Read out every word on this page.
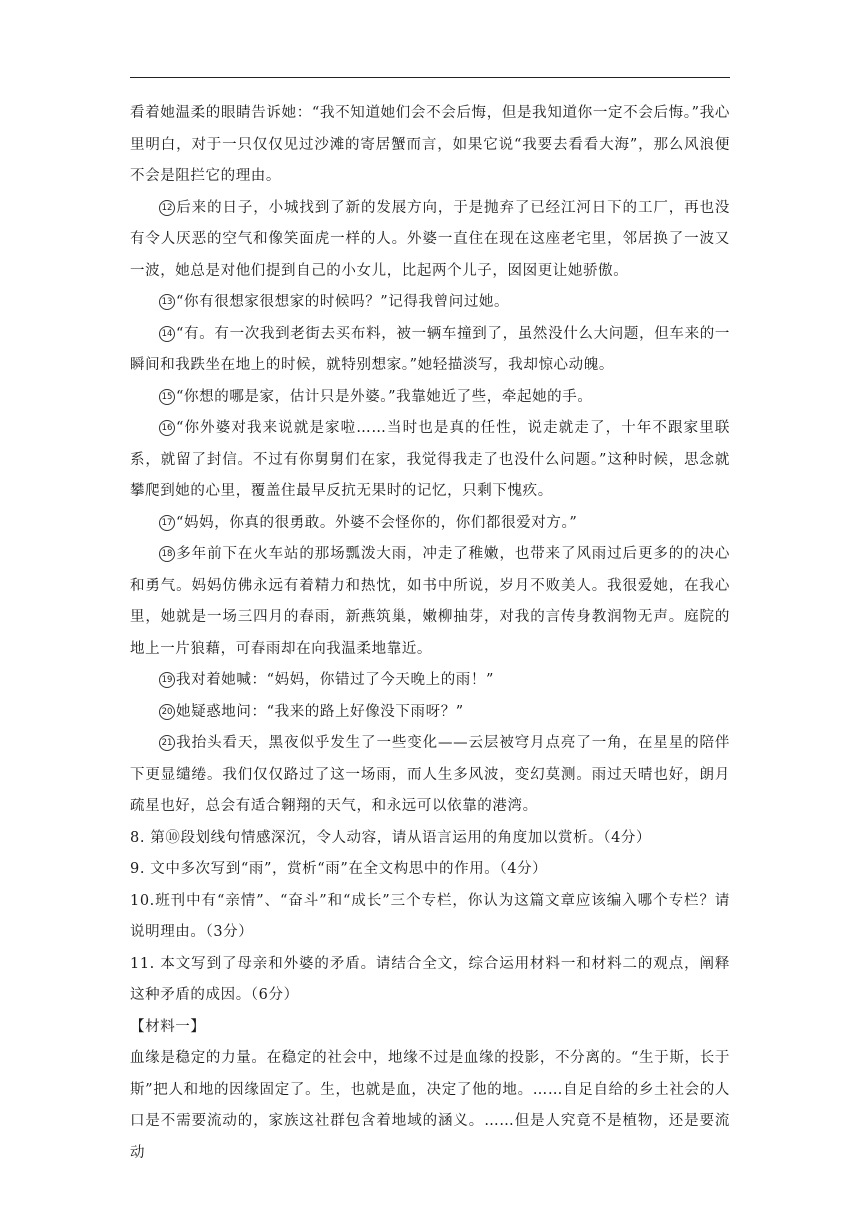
看着她温柔的眼睛告诉她：“我不知道她们会不会后悔，但是我知道你一定不会后悔。”我心里明白，对于一只仅仅见过沙滩的寄居蟹而言，如果它说“我要去看看大海”，那么风浪便不会是阻拦它的理由。

12 后来的日子，小城找到了新的发展方向，于是抛弃了已经江河日下的工厂，再也没有令人厌恶的空气和像笑面虎一样的人。外婆一直住在现在这座老宅里，邻居换了一波又一波，她总是对他们提到自己的小女儿，比起两个儿子，囡囡更让她骄傲。

13 “你有很想家很想家的时候吗？”记得我曾问过她。

14 “有。有一次我到老街去买布料，被一辆车撞到了，虽然没什么大问题，但车来的一瞬间和我跌坐在地上的时候，就特别想家。”她轻描淡写，我却惊心动魄。

15 “你想的哪是家，估计只是外婆。”我靠她近了些，牵起她的手。

16 “你外婆对我来说就是家啦……当时也是真的任性，说走就走了，十年不跟家里联系，就留了封信。不过有你舅舅们在家，我觉得我走了也没什么问题。”这种时候，思念就攀爬到她的心里，覆盖住最早反抗无果时的记忆，只剩下愧疚。

17 “妈妈，你真的很勇敢。外婆不会怪你的，你们都很爱对方。”

18 多年前下在火车站的那场瓢泼大雨，冲走了稚嫩，也带来了风雨过后更多的的决心和勇气。妈妈仿佛永远有着精力和热忱，如书中所说，岁月不败美人。我很爱她，在我心里，她就是一场三四月的春雨，新燕筑巢，嫩柳抽芽，对我的言传身教润物无声。庭院的地上一片狼藉，可春雨却在向我温柔地靠近。

19 我对着她喊：“妈妈，你错过了今天晚上的雨！”

20 她疑惑地问：“我来的路上好像没下雨呀？”

21 我抬头看天，黑夜似乎发生了一些变化——云层被穹月点亮了一角，在星星的陪伴下更显缱绻。我们仅仅路过了这一场雨，而人生多风波，变幻莫测。雨过天晴也好，朗月疏星也好，总会有适合翱翔的天气，和永远可以依靠的港湾。

8. 第⑩段划线句情感深沉，令人动容，请从语言运用的角度加以赏析。（4分）

9. 文中多次写到“雨”，赏析“雨”在全文构思中的作用。（4分）

10.班刊中有“亲情”、“奋斗”和“成长”三个专栏，你认为这篇文章应该编入哪个专栏？请说明理由。（3分）

11. 本文写到了母亲和外婆的矛盾。请结合全文，综合运用材料一和材料二的观点，阐释这种矛盾的成因。（6分）

【材料一】

血缘是稳定的力量。在稳定的社会中，地缘不过是血缘的投影，不分离的。“生于斯，长于斯”把人和地的因缘固定了。生，也就是血，决定了他的地。……自足自给的乡土社会的人口是不需要流动的，家族这社群包含着地域的涵义。……但是人究竟不是植物，还是要流动
